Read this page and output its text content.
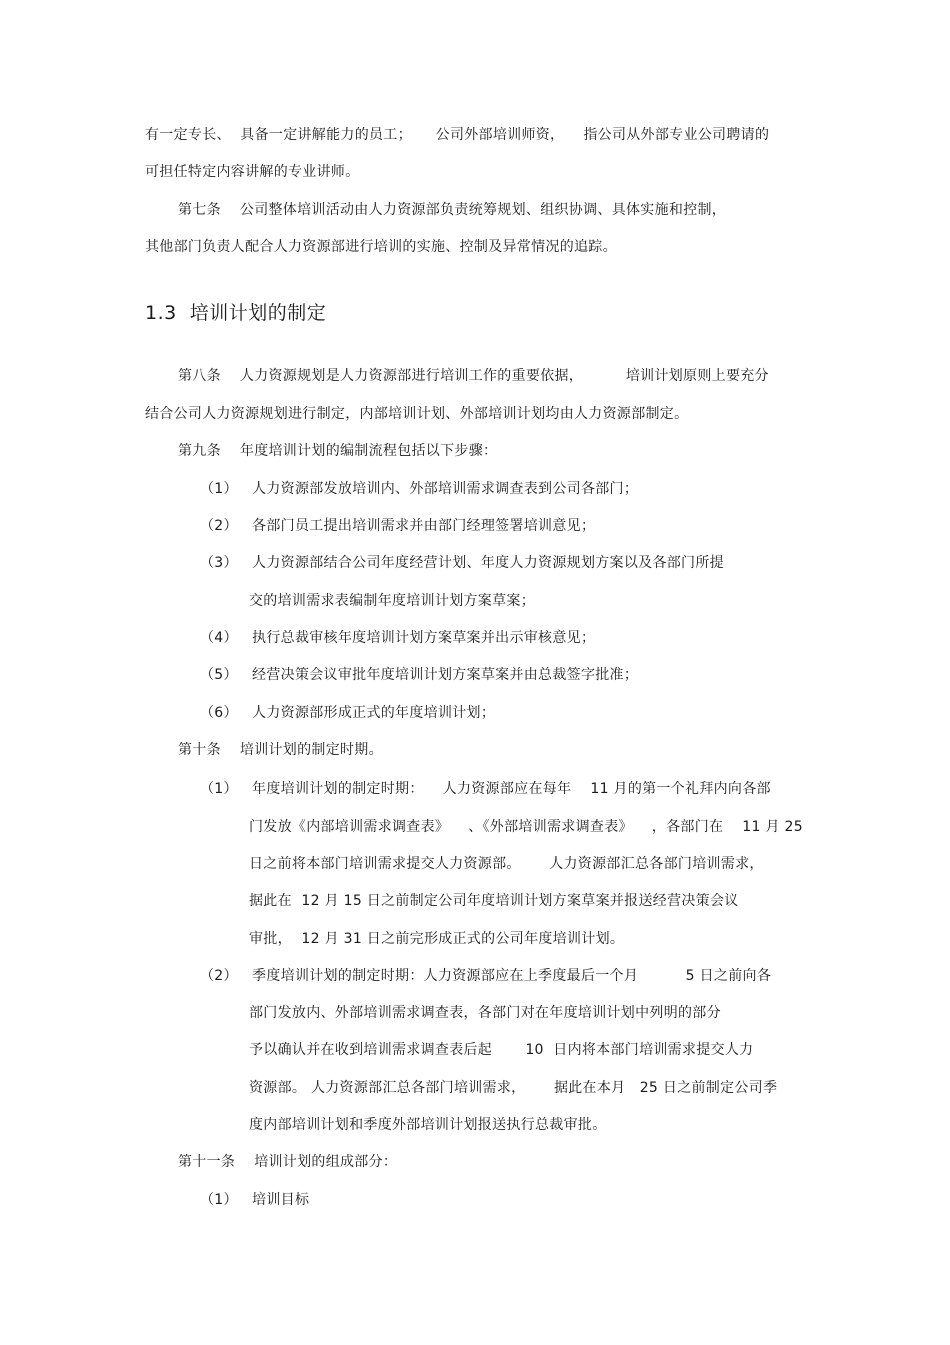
有一定专长、  具备一定讲解能力的员工；     公司外部培训师资，    指公司从外部专业公司聘请的
可担任特定内容讲解的专业讲师。
第七条    公司整体培训活动由人力资源部负责统筹规划、组织协调、具体实施和控制，
其他部门负责人配合人力资源部进行培训的实施、控制及异常情况的追踪。
1.3  培训计划的制定
第八条    人力资源规划是人力资源部进行培训工作的重要依据，         培训计划原则上要充分
结合公司人力资源规划进行制定，内部培训计划、外部培训计划均由人力资源部制定。
第九条    年度培训计划的编制流程包括以下步骤：
（1）   人力资源部发放培训内、外部培训需求调查表到公司各部门；
（2）   各部门员工提出培训需求并由部门经理签署培训意见；
（3）   人力资源部结合公司年度经营计划、年度人力资源规划方案以及各部门所提
交的培训需求表编制年度培训计划方案草案；
（4）   执行总裁审核年度培训计划方案草案并出示审核意见；
（5）   经营决策会议审批年度培训计划方案草案并由总裁签字批准；
（6）   人力资源部形成正式的年度培训计划；
第十条    培训计划的制定时期。
（1）   年度培训计划的制定时期：    人力资源部应在每年    11 月的第一个礼拜内向各部
门发放《内部培训需求调查表》    、《外部培训需求调查表》    ，各部门在    11 月 25
日之前将本部门培训需求提交人力资源部。      人力资源部汇总各部门培训需求，
据此在  12 月 15 日之前制定公司年度培训计划方案草案并报送经营决策会议
审批，  12 月 31 日之前完形成正式的公司年度培训计划。
（2）   季度培训计划的制定时期：人力资源部应在上季度最后一个月          5 日之前向各
部门发放内、外部培训需求调查表，各部门对在年度培训计划中列明的部分
予以确认并在收到培训需求调查表后起       10  日内将本部门培训需求提交人力
资源部。 人力资源部汇总各部门培训需求，      据此在本月   25 日之前制定公司季
度内部培训计划和季度外部培训计划报送执行总裁审批。
第十一条    培训计划的组成部分：
（1）   培训目标
